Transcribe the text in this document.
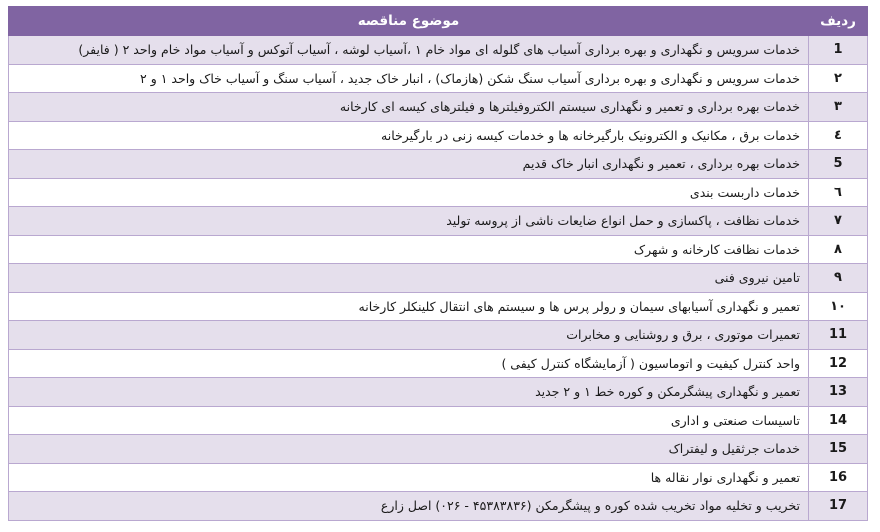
ردیف	موضوع مناقصه
1	خدمات سرویس و نگهداری و بهره برداری آسیاب های گلوله ای مواد خام ۱ ،آسیاب لوشه ، آسیاب آتوکس و آسیاب مواد خام واحد ۲ ( فایفر)
۲	خدمات سرویس و نگهداری و بهره برداری آسیاب سنگ شکن (هازماک) ، انبار خاک جدید ، آسیاب سنگ و آسیاب خاک واحد ۱ و ۲
۳	خدمات بهره برداری و تعمیر و نگهداری سیستم الکتروفیلترها و فیلترهای کیسه ای کارخانه
٤	خدمات برق ، مکانیک و الکترونیک بارگیرخانه ها و خدمات کیسه زنی در بارگیرخانه
5	خدمات بهره برداری ، تعمیر و نگهداری انبار خاک قدیم
٦	خدمات داربست بندی
۷	خدمات نظافت ، پاکسازی و حمل انواع ضایعات ناشی از پروسه تولید
۸	خدمات نظافت کارخانه و شهرک
۹	تامین نیروی فنی
۱۰	تعمیر و نگهداری آسیابهای سیمان و رولر پرس ها و سیستم های انتقال کلینکلر کارخانه
11	تعمیرات موتوری ، برق و روشنایی و مخابرات
12	واحد کنترل کیفیت و اتوماسیون ( آزمایشگاه کنترل کیفی )
13	تعمیر و نگهداری پیشگرمکن و کوره خط ۱ و ۲ جدید
14	تاسیسات صنعتی و اداری
15	خدمات جرثقیل و لیفتراک
16	تعمیر و نگهداری نوار نقاله ها
17	تخریب و تخلیه مواد تخریب شده کوره و پیشگرمکن (۴۵۳۸۳۸۳۶ - ۰۲۶) اصل زارع
